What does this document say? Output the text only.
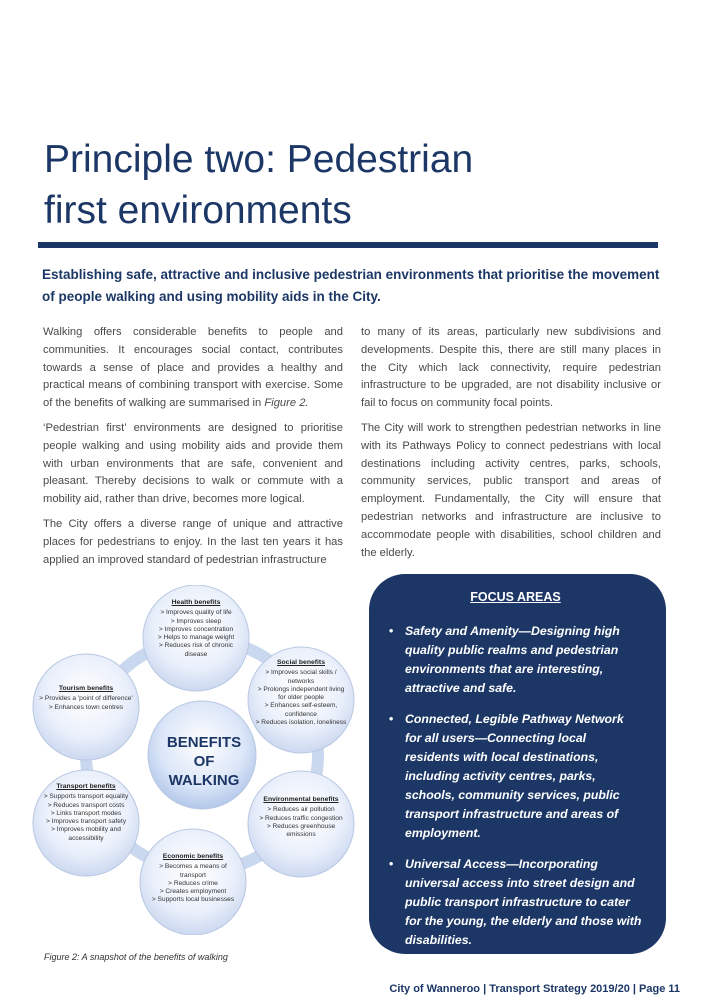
Principle two: Pedestrian
first environments

Establishing safe, attractive and inclusive pedestrian environments that prioritise the movement of people walking and using mobility aids in the City.

Walking offers considerable benefits to people and communities. It encourages social contact, contributes towards a sense of place and provides a healthy and practical means of combining transport with exercise. Some of the benefits of walking are summarised in Figure 2.

‘Pedestrian first’ environments are designed to prioritise people walking and using mobility aids and provide them with urban environments that are safe, convenient and pleasant. Thereby decisions to walk or commute with a mobility aid, rather than drive, becomes more logical.

The City offers a diverse range of unique and attractive places for pedestrians to enjoy. In the last ten years it has applied an improved standard of pedestrian infrastructure

to many of its areas, particularly new subdivisions and developments. Despite this, there are still many places in the City which lack connectivity, require pedestrian infrastructure to be upgraded, are not disability inclusive or fail to focus on community focal points.

The City will work to strengthen pedestrian networks in line with its Pathways Policy to connect pedestrians with local destinations including activity centres, parks, schools, community services, public transport and areas of employment. Fundamentally, the City will ensure that pedestrian networks and infrastructure are inclusive to accommodate people with disabilities, school children and the elderly.

BENEFITS
OF
WALKING
Health benefits
> Improves quality of life
> Improves sleep
> Improves concentration
> Helps to manage weight
> Reduces risk of chronic disease
Social benefits
> Improves social skills / networks
> Prolongs independent living for older people
> Enhances self-esteem, confidence
> Reduces isolation, loneliness
Environmental benefits
> Reduces air pollution
> Reduces traffic congestion
> Reduces greenhouse emissions
Economic benefits
> Becomes a means of transport
> Reduces crime
> Creates employment
> Supports local businesses
Transport benefits
> Supports transport equality
> Reduces transport costs
> Links transport modes
> Improves transport safety
> Improves mobility and accessibility
Tourism benefits
> Provides a 'point of difference'
> Enhances town centres
Figure 2: A snapshot of the benefits of walking
FOCUS AREAS
• Safety and Amenity—Designing high quality public realms and pedestrian environments that are interesting, attractive and safe.
• Connected, Legible Pathway Network for all users—Connecting local residents with local destinations, including activity centres, parks, schools, community services, public transport infrastructure and areas of employment.
• Universal Access—Incorporating universal access into street design and public transport infrastructure to cater for the young, the elderly and those with disabilities.
City of Wanneroo | Transport Strategy 2019/20 | Page 11
